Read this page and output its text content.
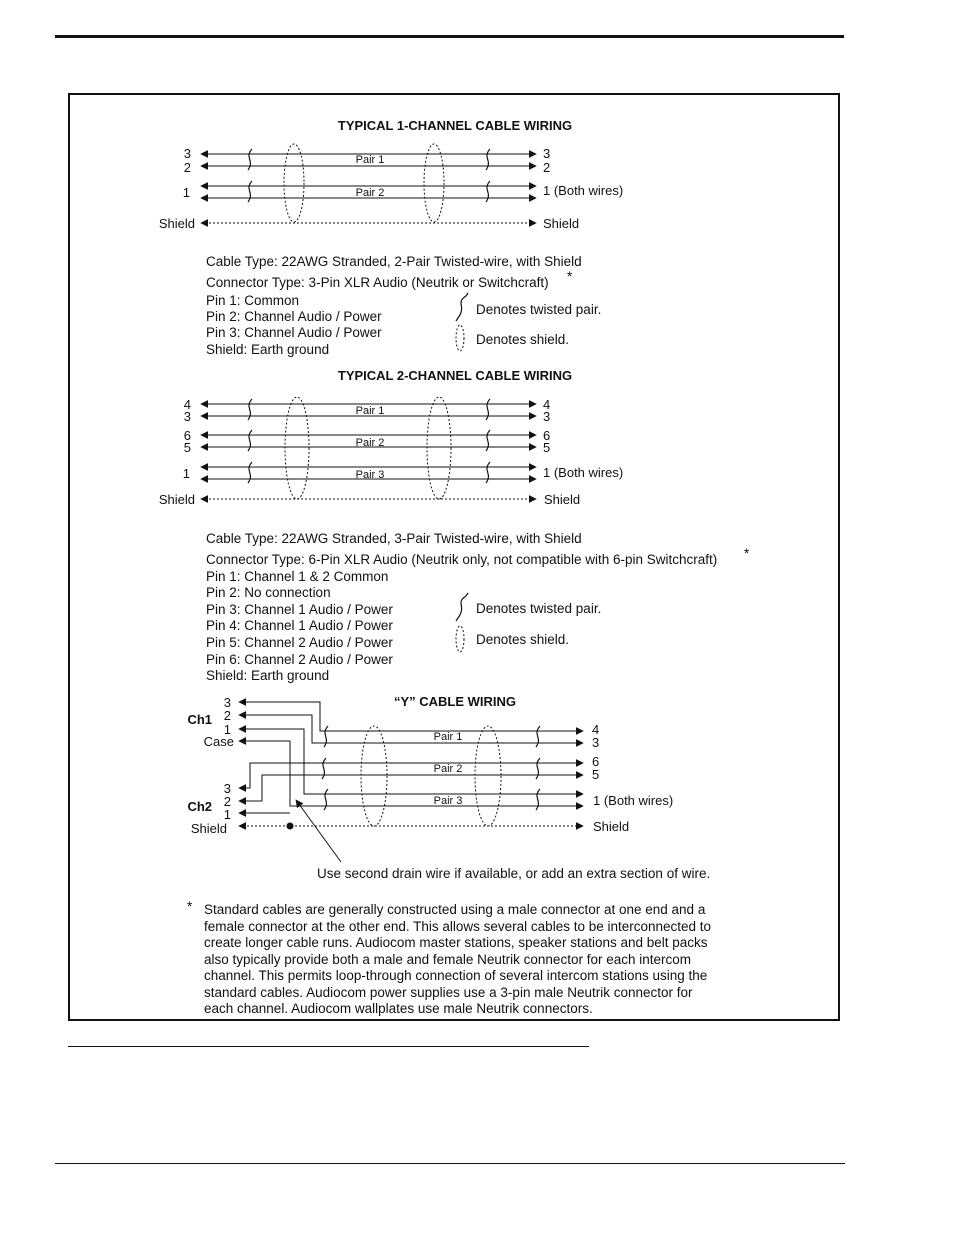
TYPICAL 1-CHANNEL CABLE WIRING
Pair 1
Pair 2
3
2
1
Shield
3
2
1 (Both wires)
Shield
Cable Type: 22AWG Stranded, 2-Pair Twisted-wire, with Shield
Connector Type: 3-Pin XLR Audio (Neutrik or Switchcraft) *
Pin 1: Common
Pin 2: Channel Audio / Power
Pin 3: Channel Audio / Power
Shield: Earth ground
Denotes twisted pair.
Denotes shield.
TYPICAL 2-CHANNEL CABLE WIRING
Pair 1
Pair 2
Pair 3
4
3
6
5
1
Shield
4
3
6
5
1 (Both wires)
Shield
Cable Type: 22AWG Stranded, 3-Pair Twisted-wire, with Shield
Connector Type: 6-Pin XLR Audio (Neutrik only, not compatible with 6-pin Switchcraft) *
Pin 1: Channel 1 & 2 Common
Pin 2: No connection
Pin 3: Channel 1 Audio / Power
Pin 4: Channel 1 Audio / Power
Pin 5: Channel 2 Audio / Power
Pin 6: Channel 2 Audio / Power
Shield: Earth ground
Denotes twisted pair.
Denotes shield.
“Y” CABLE WIRING
Pair 1
Pair 2
Pair 3
3
2
1
Case
Ch1
3
2
1
Ch2
Shield
4
3
6
5
1 (Both wires)
Shield
Use second drain wire if available, or add an extra section of wire.
* Standard cables are generally constructed using a male connector at one end and a
female connector at the other end. This allows several cables to be interconnected to
create longer cable runs. Audiocom master stations, speaker stations and belt packs
also typically provide both a male and female Neutrik connector for each intercom
channel. This permits loop-through connection of several intercom stations using the
standard cables. Audiocom power supplies use a 3-pin male Neutrik connector for
each channel. Audiocom wallplates use male Neutrik connectors.
